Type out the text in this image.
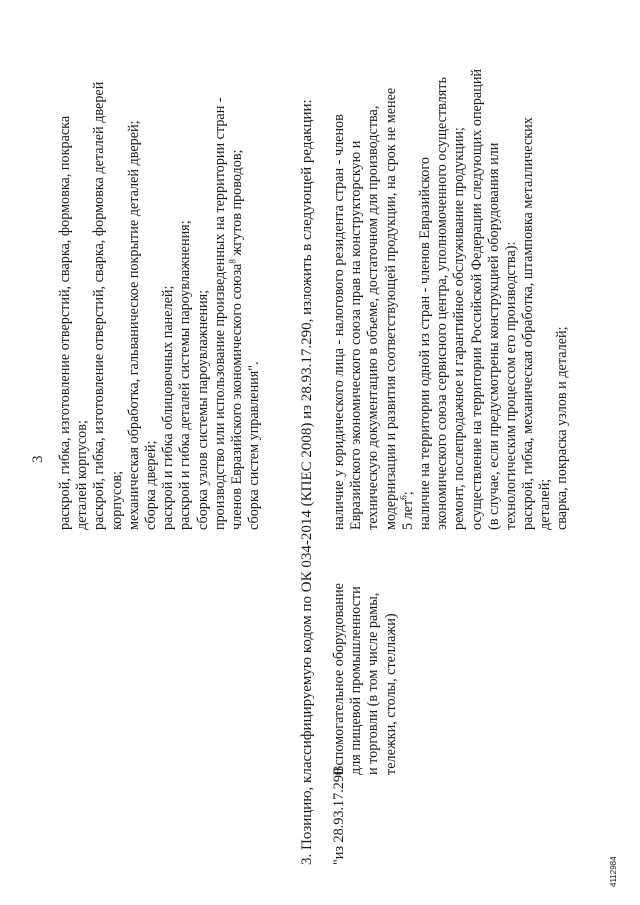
3 раскрой, гибка, изготовление отверстий, сварка, формовка, покраска деталей корпусов; раскрой, гибка, изготовление отверстий, сварка, формовка деталей дверей корпусов; механическая обработка, гальваническое покрытие деталей дверей; сборка дверей; раскрой и гибка облицовочных панелей; раскрой и гибка деталей системы пароувлажнения; сборка узлов системы пароувлажнения; производство или использование произведенных на территории стран - членов Евразийского экономического союза$^8$ жгутов проводов;
сборка систем управления". 3. Позицию, классифицируемую кодом по ОК 034-2014 (КПЕС 2008) из 28.93.17.290, изложить в следующей редакции: "из 28.93.17.290
Вспомогательное оборудование для пищевой промышленности и торговли (в том числе рамы, тележки, столы, стеллажи)
наличие у юридического лица - налогового резидента стран - членов Евразийского экономического союза прав на конструкторскую и техническую документацию в объеме, достаточном для производства, модернизации и развития соответствующей продукции, на срок не менее 5 лет$^6$; наличие на территории одной из стран - членов Евразийского экономического союза сервисного центра, уполномоченного осуществлять ремонт, послепродажное и гарантийное обслуживание продукции; осуществление на территории Российской Федерации следующих операций (в случае, если предусмотрены конструкцией оборудования или технологическим процессом его производства): раскрой, гибка, механическая обработка, штамповка металлических деталей; сварка, покраска узлов и деталей;
4112984
